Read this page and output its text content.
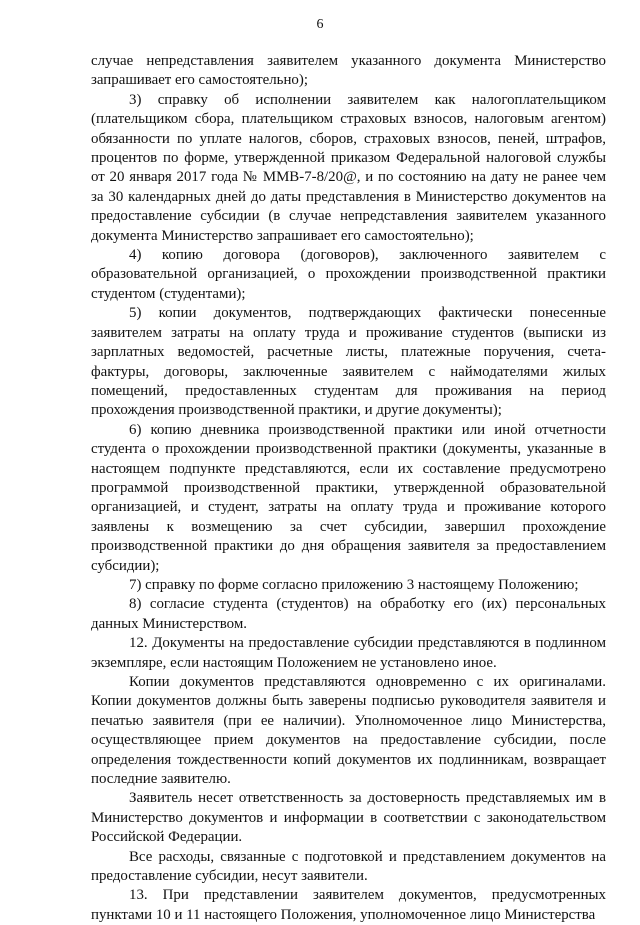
6

случае непредставления заявителем указанного документа Министерство запрашивает его самостоятельно);

3) справку об исполнении заявителем как налогоплательщиком (плательщиком сбора, плательщиком страховых взносов, налоговым агентом) обязанности по уплате налогов, сборов, страховых взносов, пеней, штрафов, процентов по форме, утвержденной приказом Федеральной налоговой службы от 20 января 2017 года № ММВ-7-8/20@, и по состоянию на дату не ранее чем за 30 календарных дней до даты представления в Министерство документов на предоставление субсидии (в случае непредставления заявителем указанного документа Министерство запрашивает его самостоятельно);

4) копию договора (договоров), заключенного заявителем с образовательной организацией, о прохождении производственной практики студентом (студентами);

5) копии документов, подтверждающих фактически понесенные заявителем затраты на оплату труда и проживание студентов (выписки из зарплатных ведомостей, расчетные листы, платежные поручения, счета-фактуры, договоры, заключенные заявителем с наймодателями жилых помещений, предоставленных студентам для проживания на период прохождения производственной практики, и другие документы);

6) копию дневника производственной практики или иной отчетности студента о прохождении производственной практики (документы, указанные в настоящем подпункте представляются, если их составление предусмотрено программой производственной практики, утвержденной образовательной организацией, и студент, затраты на оплату труда и проживание которого заявлены к возмещению за счет субсидии, завершил прохождение производственной практики до дня обращения заявителя за предоставлением субсидии);

7) справку по форме согласно приложению 3 настоящему Положению;

8) согласие студента (студентов) на обработку его (их) персональных данных Министерством.

12. Документы на предоставление субсидии представляются в подлинном экземпляре, если настоящим Положением не установлено иное.

Копии документов представляются одновременно с их оригиналами. Копии документов должны быть заверены подписью руководителя заявителя и печатью заявителя (при ее наличии). Уполномоченное лицо Министерства, осуществляющее прием документов на предоставление субсидии, после определения тождественности копий документов их подлинникам, возвращает последние заявителю.

Заявитель несет ответственность за достоверность представляемых им в Министерство документов и информации в соответствии с законодательством Российской Федерации.

Все расходы, связанные с подготовкой и представлением документов на предоставление субсидии, несут заявители.

13. При представлении заявителем документов, предусмотренных пунктами 10 и 11 настоящего Положения, уполномоченное лицо Министерства
